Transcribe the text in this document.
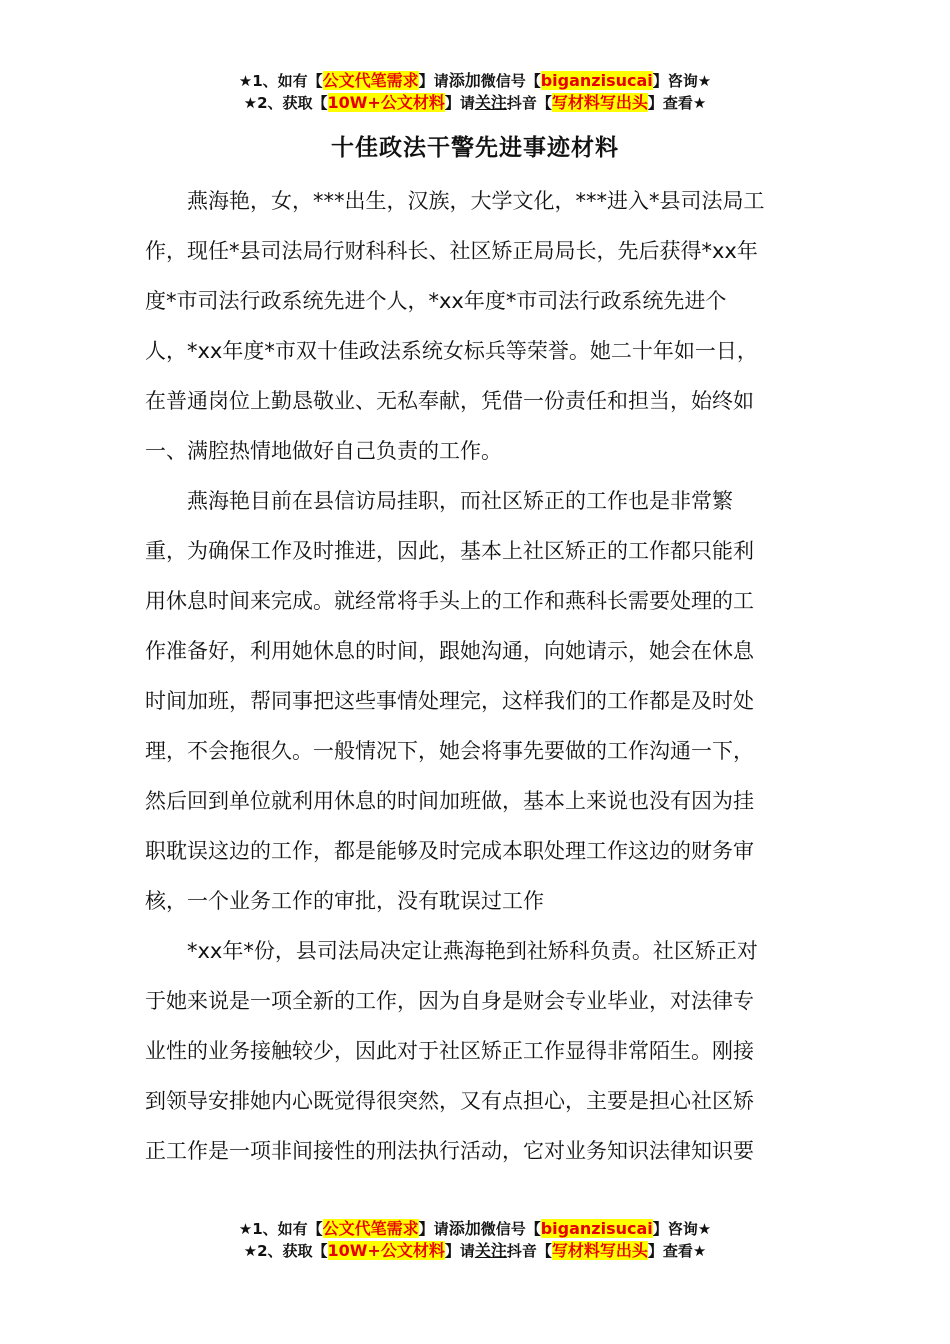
★1、如有【公文代笔需求】请添加微信号【biganzisucai】咨询★
★2、获取【10W+公文材料】请关注抖音【写材料写出头】查看★
十佳政法干警先进事迹材料

燕海艳，女，***出生，汉族，大学文化，***进入*县司法局工
作，现任*县司法局行财科科长、社区矫正局局长，先后获得*xx年
度*市司法行政系统先进个人，*xx年度*市司法行政系统先进个
人，*xx年度*市双十佳政法系统女标兵等荣誉。她二十年如一日，
在普通岗位上勤恳敬业、无私奉献，凭借一份责任和担当，始终如
一、满腔热情地做好自己负责的工作。

燕海艳目前在县信访局挂职，而社区矫正的工作也是非常繁
重，为确保工作及时推进，因此，基本上社区矫正的工作都只能利
用休息时间来完成。就经常将手头上的工作和燕科长需要处理的工
作准备好，利用她休息的时间，跟她沟通，向她请示，她会在休息
时间加班，帮同事把这些事情处理完，这样我们的工作都是及时处
理，不会拖很久。一般情况下，她会将事先要做的工作沟通一下，
然后回到单位就利用休息的时间加班做，基本上来说也没有因为挂
职耽误这边的工作，都是能够及时完成本职处理工作这边的财务审
核，一个业务工作的审批，没有耽误过工作

*xx年*份，县司法局决定让燕海艳到社矫科负责。社区矫正对
于她来说是一项全新的工作，因为自身是财会专业毕业，对法律专
业性的业务接触较少，因此对于社区矫正工作显得非常陌生。刚接
到领导安排她内心既觉得很突然，又有点担心，主要是担心社区矫
正工作是一项非间接性的刑法执行活动，它对业务知识法律知识要

★1、如有【公文代笔需求】请添加微信号【biganzisucai】咨询★
★2、获取【10W+公文材料】请关注抖音【写材料写出头】查看★
